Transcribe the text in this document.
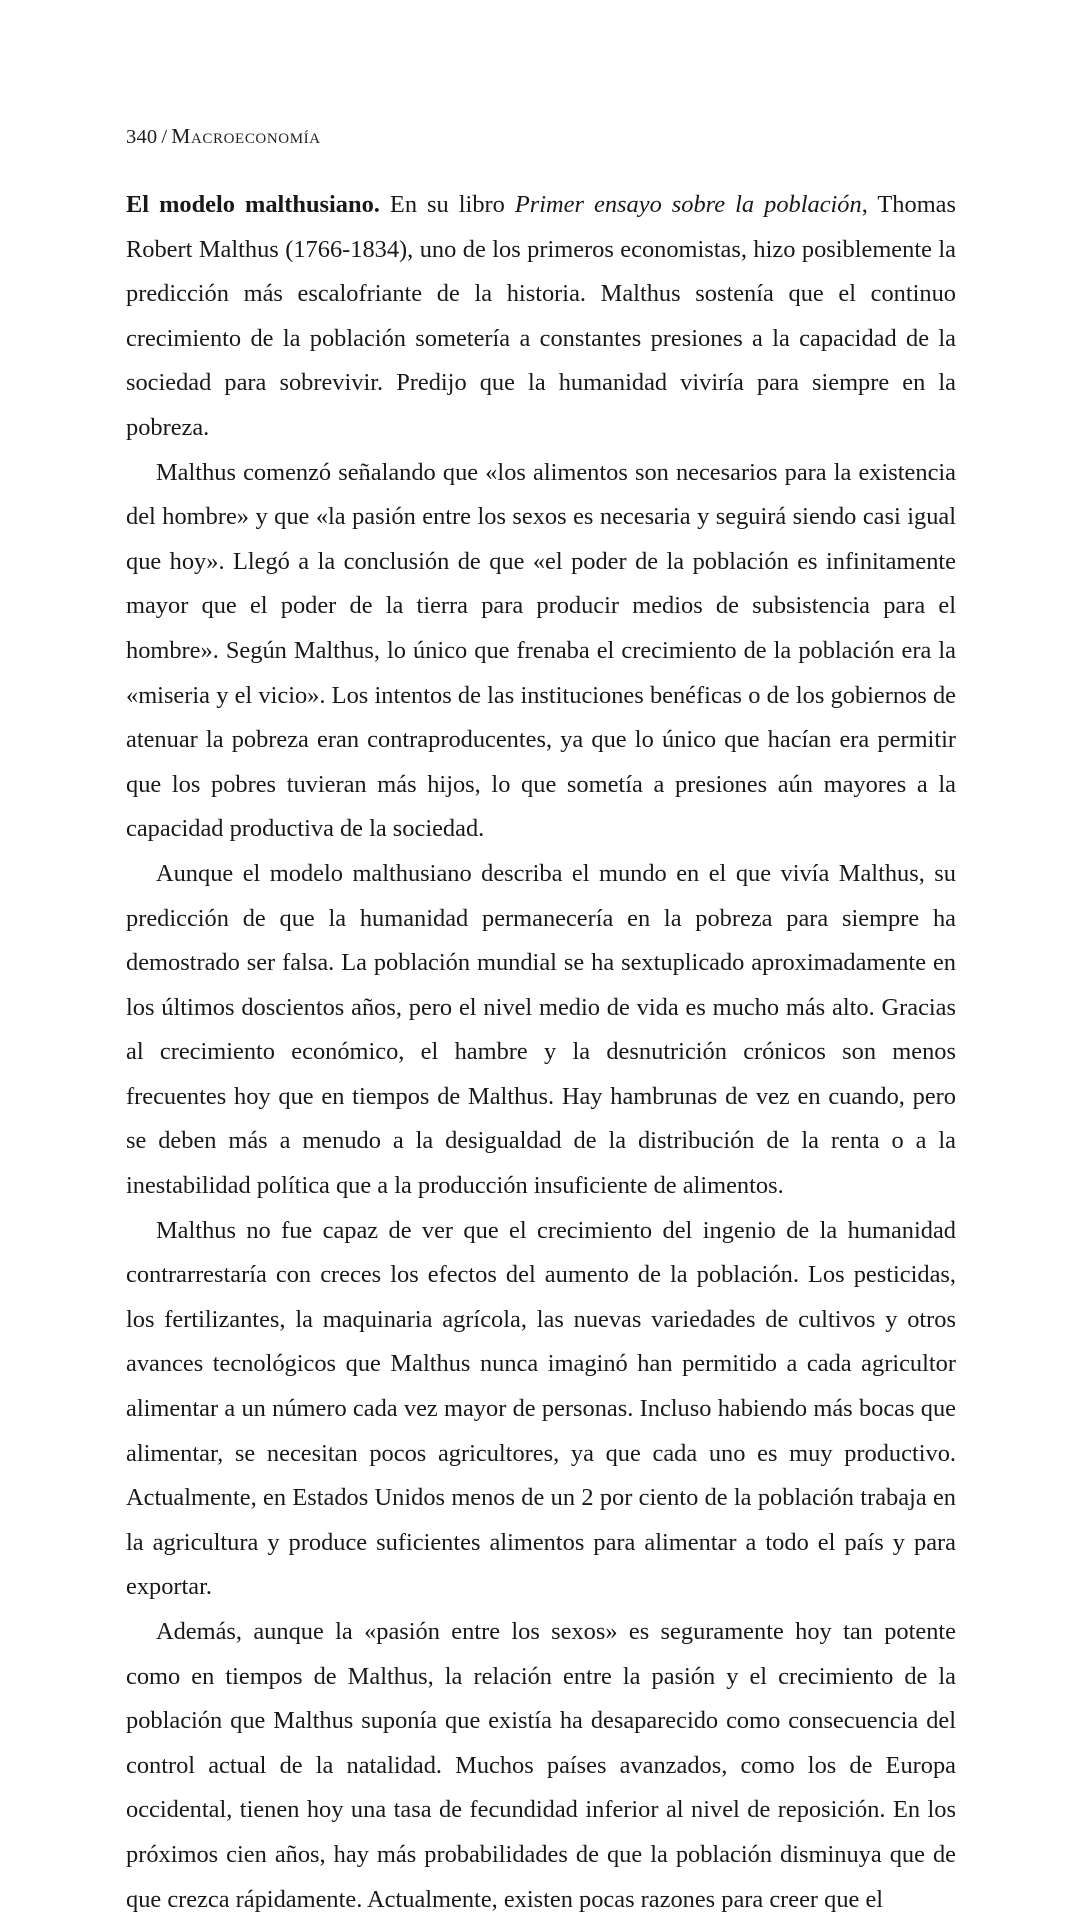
340 / Macroeconomía

El modelo malthusiano. En su libro Primer ensayo sobre la población, Thomas Robert Malthus (1766-1834), uno de los primeros economistas, hizo posiblemente la predicción más escalofriante de la historia. Malthus sostenía que el continuo crecimiento de la población sometería a constantes presiones a la capacidad de la sociedad para sobrevivir. Predijo que la humanidad viviría para siempre en la pobreza.

Malthus comenzó señalando que «los alimentos son necesarios para la existencia del hombre» y que «la pasión entre los sexos es necesaria y seguirá siendo casi igual que hoy». Llegó a la conclusión de que «el poder de la población es infinitamente mayor que el poder de la tierra para producir medios de subsistencia para el hombre». Según Malthus, lo único que frenaba el crecimiento de la población era la «miseria y el vicio». Los intentos de las instituciones benéficas o de los gobiernos de atenuar la pobreza eran contraproducentes, ya que lo único que hacían era permitir que los pobres tuvieran más hijos, lo que sometía a presiones aún mayores a la capacidad productiva de la sociedad.

Aunque el modelo malthusiano describa el mundo en el que vivía Malthus, su predicción de que la humanidad permanecería en la pobreza para siempre ha demostrado ser falsa. La población mundial se ha sextuplicado aproximadamente en los últimos doscientos años, pero el nivel medio de vida es mucho más alto. Gracias al crecimiento económico, el hambre y la desnutrición crónicos son menos frecuentes hoy que en tiempos de Malthus. Hay hambrunas de vez en cuando, pero se deben más a menudo a la desigualdad de la distribución de la renta o a la inestabilidad política que a la producción insuficiente de alimentos.

Malthus no fue capaz de ver que el crecimiento del ingenio de la humanidad contrarrestaría con creces los efectos del aumento de la población. Los pesticidas, los fertilizantes, la maquinaria agrícola, las nuevas variedades de cultivos y otros avances tecnológicos que Malthus nunca imaginó han permitido a cada agricultor alimentar a un número cada vez mayor de personas. Incluso habiendo más bocas que alimentar, se necesitan pocos agricultores, ya que cada uno es muy productivo. Actualmente, en Estados Unidos menos de un 2 por ciento de la población trabaja en la agricultura y produce suficientes alimentos para alimentar a todo el país y para exportar.

Además, aunque la «pasión entre los sexos» es seguramente hoy tan potente como en tiempos de Malthus, la relación entre la pasión y el crecimiento de la población que Malthus suponía que existía ha desaparecido como consecuencia del control actual de la natalidad. Muchos países avanzados, como los de Europa occidental, tienen hoy una tasa de fecundidad inferior al nivel de reposición. En los próximos cien años, hay más probabilidades de que la población disminuya que de que crezca rápidamente. Actualmente, existen pocas razones para creer que el
